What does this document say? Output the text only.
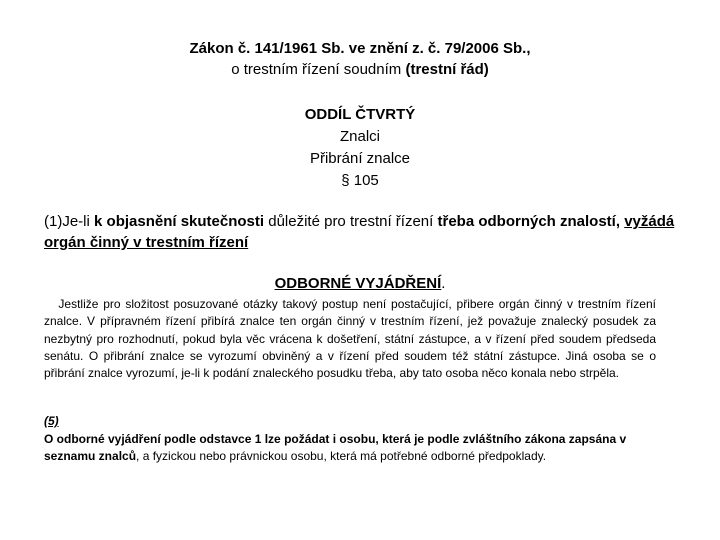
Zákon č. 141/1961 Sb. ve znění z. č. 79/2006 Sb.,
o trestním řízení soudním (trestní řád)
ODDÍL ČTVRTÝ
Znalci
Přibrání znalce
§ 105
(1)Je-li k objasnění skutečnosti důležité pro trestní řízení třeba odborných znalostí, vyžádá orgán činný v trestním řízení
ODBORNÉ VYJÁDŘENÍ.
Jestliže pro složitost posuzované otázky takový postup není postačující, přibere orgán činný v trestním řízení znalce. V přípravném řízení přibírá znalce ten orgán činný v trestním řízení, jež považuje znalecký posudek za nezbytný pro rozhodnutí, pokud byla věc vrácena k došetření, státní zástupce, a v řízení před soudem předseda senátu. O přibrání znalce se vyrozumí obviněný a v řízení před soudem též státní zástupce. Jiná osoba se o přibrání znalce vyrozumí, je-li k podání znaleckého posudku třeba, aby tato osoba něco konala nebo strpěla.
(5)
O odborné vyjádření podle odstavce 1 lze požádat i osobu, která je podle zvláštního zákona zapsána v seznamu znalců, a fyzickou nebo právnickou osobu, která má potřebné odborné předpoklady.
